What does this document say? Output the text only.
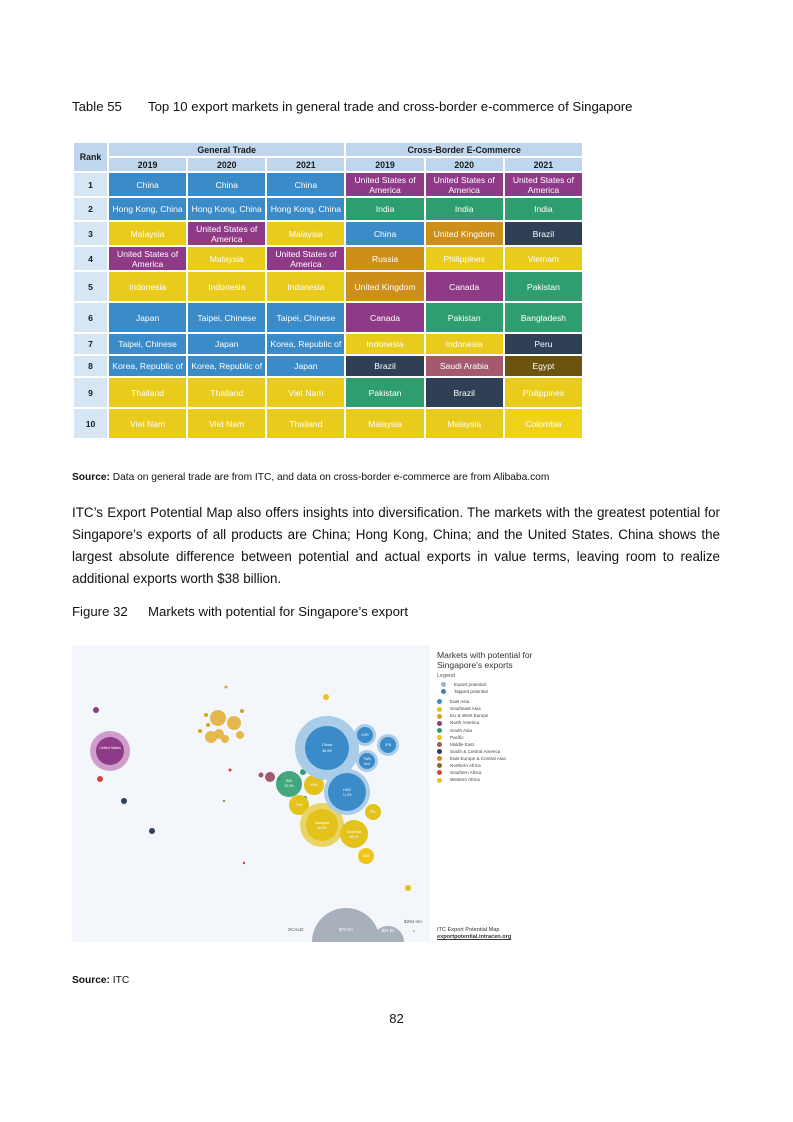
Table 55 Top 10 export markets in general trade and cross-border e-commerce of Singapore
Rank	General Trade			Cross-Border E-Commerce		
	2019	2020	2021	2019	2020	2021
1	China	China	China	United States of America	United States of America	United States of America
2	Hong Kong, China	Hong Kong, China	Hong Kong, China	India	India	India
3	Malaysia	United States of America	Malaysia	China	United Kingdom	Brazil
4	United States of America	Malaysia	United States of America	Russia	Philippines	Vietnam
5	Indonesia	Indonesia	Indonesia	United Kingdom	Canada	Pakistan
6	Japan	Taipei, Chinese	Taipei, Chinese	Canada	Pakistan	Bangladesh
7	Taipei, Chinese	Japan	Korea, Republic of	Indonesia	Indonesia	Peru
8	Korea, Republic of	Korea, Republic of	Japan	Brazil	Saudi Arabia	Egypt
9	Thailand	Thailand	Viet Nam	Pakistan	Brazil	Philippines
10	Viet Nam	Viet Nam	Thailand	Malaysia	Malaysia	Colombia
Source: Data on general trade are from ITC, and data on cross-border e-commerce are from Alibaba.com
ITC’s Export Potential Map also offers insights into diversification. The markets with the greatest potential for Singapore’s exports of all products are China; Hong Kong, China; and the United States. China shows the largest absolute difference between potential and actual exports in value terms, leaving room to realize additional exports worth $38 billion.
Figure 32 Markets with potential for Singapore’s export
United States
IND
42.2%	VNM
THA
Malaysia
54.8%
Indonesia
58.1%
PHL
AUS
China
46.4%
KOR
JPN
TWN
50%
HKG
71.2%
SCALE:	$70 bn	$24 bn
$294 mn
Markets with potential for Singapore's exports
Legend
Export potential
Tapped potential
East Asia
Southeast Asia
EU & West Europe
North America
South Asia
Pacific
Middle East
South & Central America
East Europe & Central Asia
Northern Africa
Southern Africa
Western Africa
ITC Export Potential Map
exportpotential.intracen.org
Source: ITC
82
